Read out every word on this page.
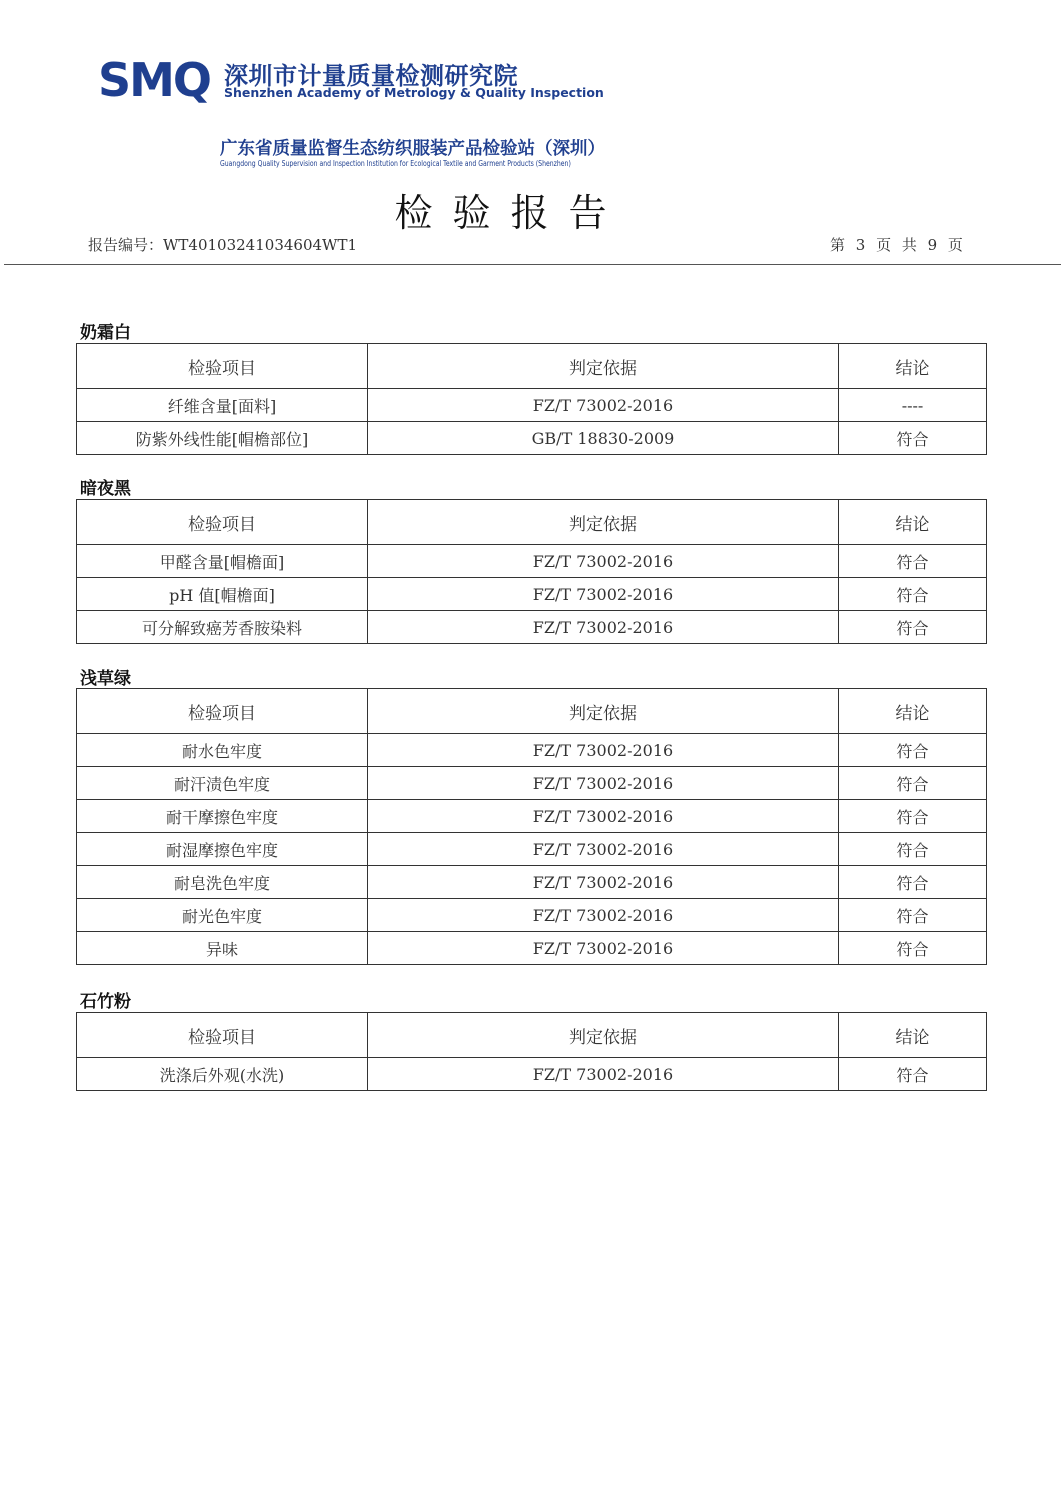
SMQ 深圳市计量质量检测研究院
Shenzhen Academy of Metrology & Quality Inspection
广东省质量监督生态纺织服装产品检验站（深圳）
Guangdong Quality Supervision and Inspection Institution for Ecological Textile and Garment Products (Shenzhen)
检验报告
报告编号：WT40103241034604WT1	第 3 页 共 9 页
奶霜白
检验项目	判定依据	结论
纤维含量[面料]	FZ/T 73002-2016	----
防紫外线性能[帽檐部位]	GB/T 18830-2009	符合
暗夜黑
检验项目	判定依据	结论
甲醛含量[帽檐面]	FZ/T 73002-2016	符合
pH 值[帽檐面]	FZ/T 73002-2016	符合
可分解致癌芳香胺染料	FZ/T 73002-2016	符合
浅草绿
检验项目	判定依据	结论
耐水色牢度	FZ/T 73002-2016	符合
耐汗渍色牢度	FZ/T 73002-2016	符合
耐干摩擦色牢度	FZ/T 73002-2016	符合
耐湿摩擦色牢度	FZ/T 73002-2016	符合
耐皂洗色牢度	FZ/T 73002-2016	符合
耐光色牢度	FZ/T 73002-2016	符合
异味	FZ/T 73002-2016	符合
石竹粉
检验项目	判定依据	结论
洗涤后外观(水洗)	FZ/T 73002-2016	符合
